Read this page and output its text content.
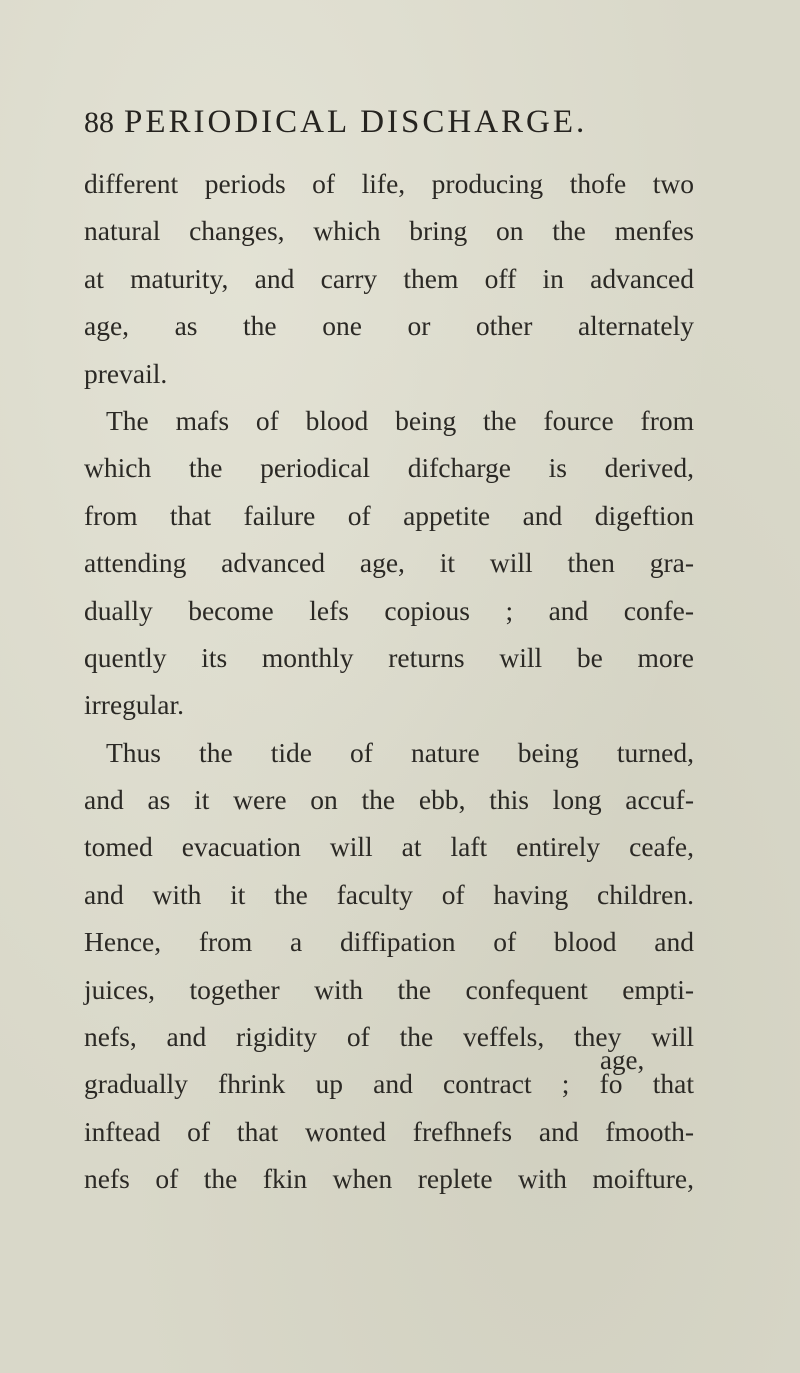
88 PERIODICAL DISCHARGE.
different periods of life, producing thofe two
natural changes, which bring on the menfes
at maturity, and carry them off in advanced
age, as the one or other alternately
prevail.
The mafs of blood being the fource from
which the periodical difcharge is derived,
from that failure of appetite and digeftion
attending advanced age, it will then gra-
dually become lefs copious ; and confe-
quently its monthly returns will be more
irregular.
Thus the tide of nature being turned,
and as it were on the ebb, this long accuf-
tomed evacuation will at laft entirely ceafe,
and with it the faculty of having children.
Hence, from a diffipation of blood and
juices, together with the confequent empti-
nefs, and rigidity of the veffels, they will
gradually fhrink up and contract ; fo that
inftead of that wonted frefhnefs and fmooth-
nefs of the fkin when replete with moifture,
age,
